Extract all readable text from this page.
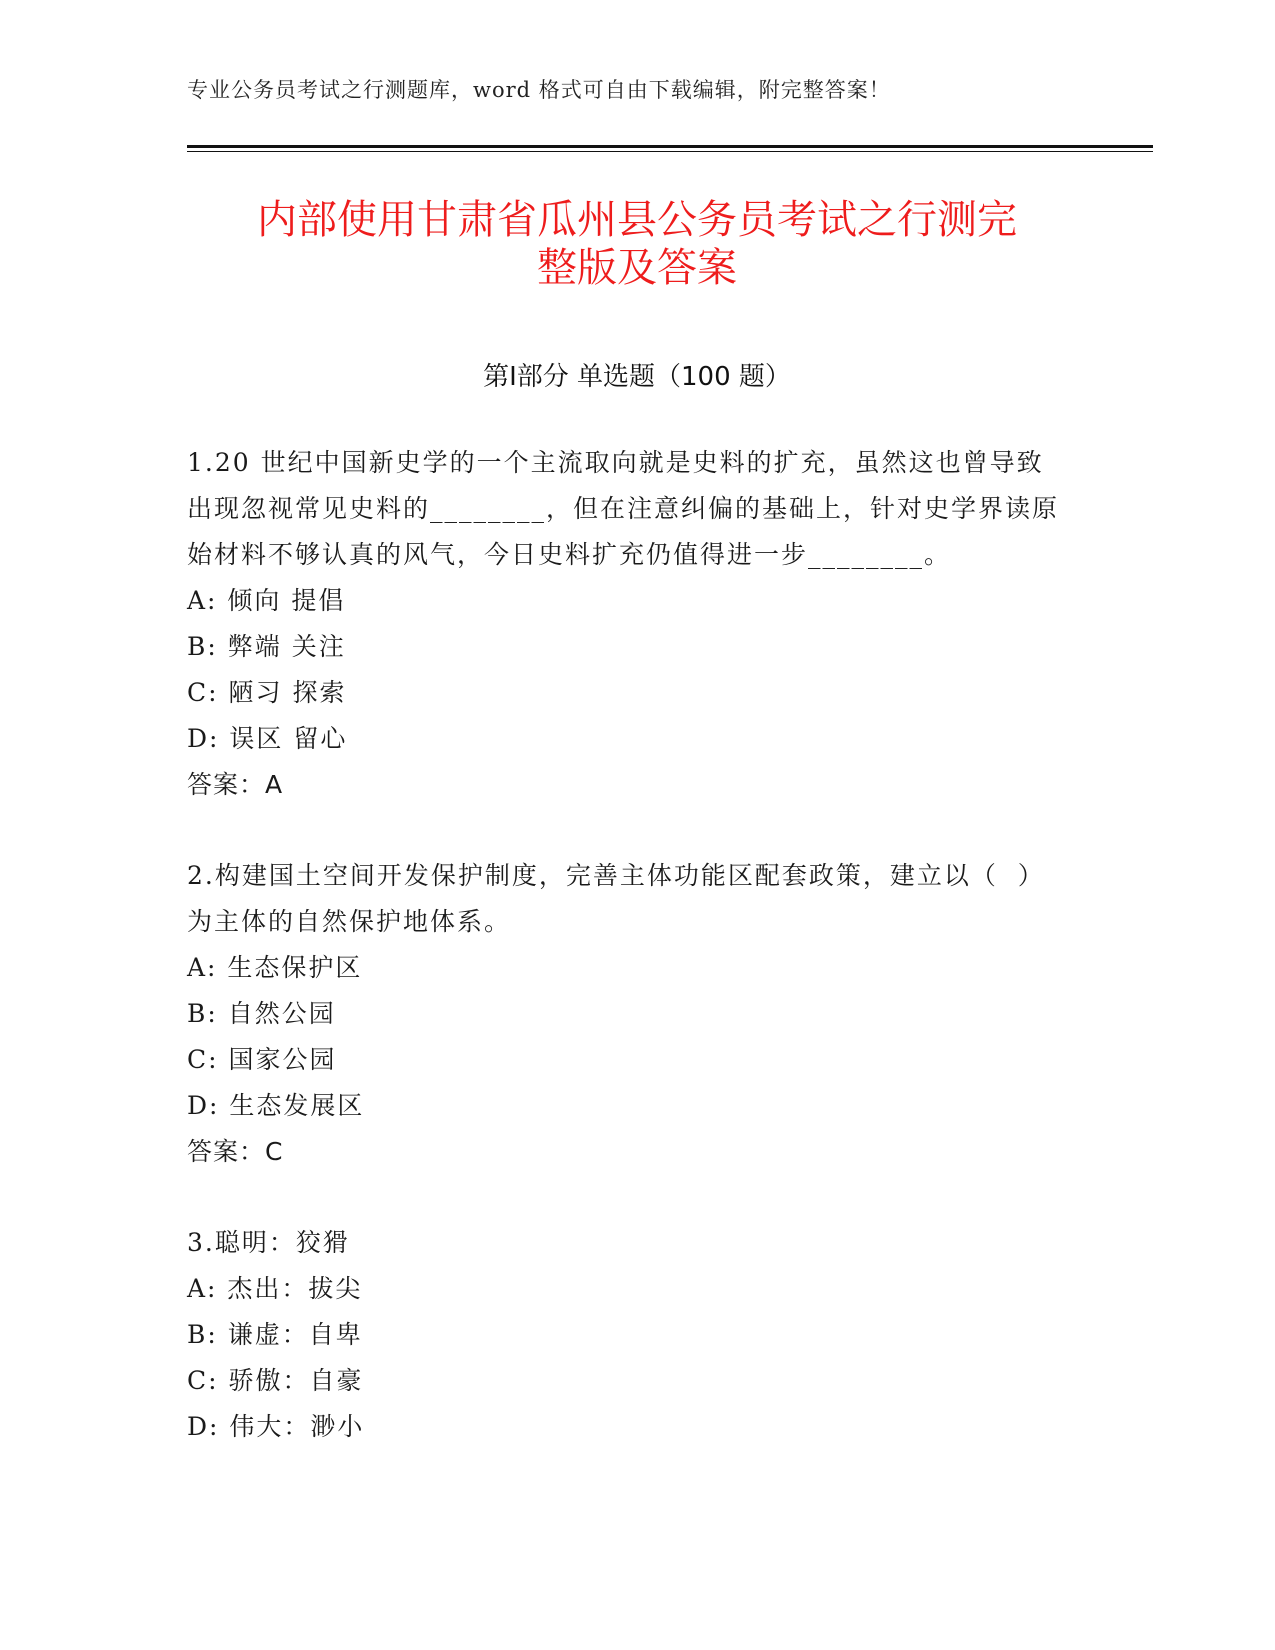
专业公务员考试之行测题库，word 格式可自由下载编辑，附完整答案！
内部使用甘肃省瓜州县公务员考试之行测完
整版及答案
第Ⅰ部分 单选题（100 题）
1.20 世纪中国新史学的一个主流取向就是史料的扩充，虽然这也曾导致出现忽视常见史料的________，但在注意纠偏的基础上，针对史学界读原始材料不够认真的风气，今日史料扩充仍值得进一步________。
A: 倾向 提倡
B: 弊端 关注
C: 陋习 探索
D: 误区 留心
答案：A
2.构建国土空间开发保护制度，完善主体功能区配套政策，建立以（  ）为主体的自然保护地体系。
A: 生态保护区
B: 自然公园
C: 国家公园
D: 生态发展区
答案：C
3.聪明：狡猾
A: 杰出：拔尖
B: 谦虚：自卑
C: 骄傲：自豪
D: 伟大：渺小
